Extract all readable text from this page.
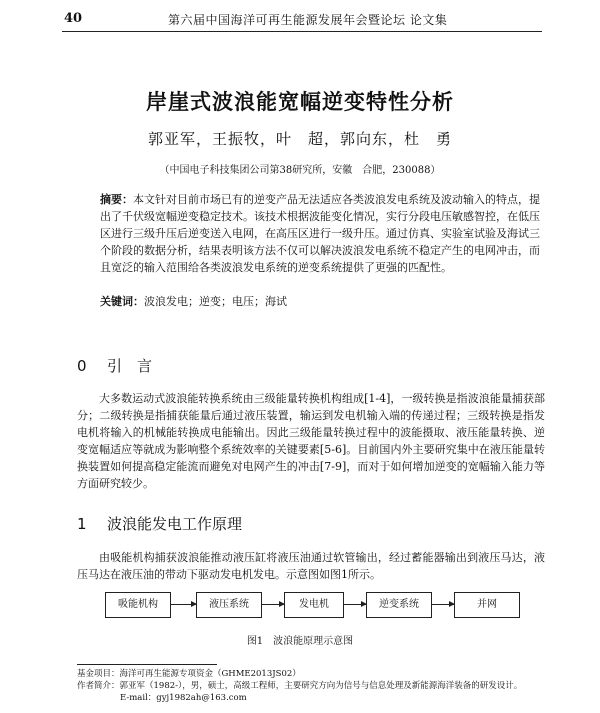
40	第六届中国海洋可再生能源发展年会暨论坛 论文集
岸崖式波浪能宽幅逆变特性分析
郭亚军，王振牧，叶　超，郭向东，杜　勇
（中国电子科技集团公司第38研究所，安徽　合肥，230088）
摘要：本文针对目前市场已有的逆变产品无法适应各类波浪发电系统及波动输入的特点，提出了千伏级宽幅逆变稳定技术。该技术根据波能变化情况，实行分段电压敏感智控，在低压区进行三级升压后逆变送入电网，在高压区进行一级升压。通过仿真、实验室试验及海试三个阶段的数据分析，结果表明该方法不仅可以解决波浪发电系统不稳定产生的电网冲击，而且宽泛的输入范围给各类波浪发电系统的逆变系统提供了更强的匹配性。
关键词：波浪发电；逆变；电压；海试
0 引　言
大多数运动式波浪能转换系统由三级能量转换机构组成[1-4]，一级转换是指波浪能量捕获部分；二级转换是指捕获能量后通过液压装置，输运到发电机输入端的传递过程；三级转换是指发电机将输入的机械能转换成电能输出。因此三级能量转换过程中的波能摄取、液压能量转换、逆变宽幅适应等就成为影响整个系统效率的关键要素[5-6]。目前国内外主要研究集中在液压能量转换装置如何提高稳定能流而避免对电网产生的冲击[7-9]，而对于如何增加逆变的宽幅输入能力等方面研究较少。
1 波浪能发电工作原理
由吸能机构捕获波浪能推动液压缸将液压油通过软管输出，经过蓄能器输出到液压马达，液压马达在液压油的带动下驱动发电机发电。示意图如图1所示。
吸能机构	液压系统	发电机	逆变系统	并网
图1　波浪能原理示意图
基金项目：海洋可再生能源专项资金（GHME2013JS02）
作者简介：郭亚军（1982-），男，硕士，高级工程师，主要研究方向为信号与信息处理及新能源海洋装备的研发设计。
E-mail：gyj1982ah@163.com
